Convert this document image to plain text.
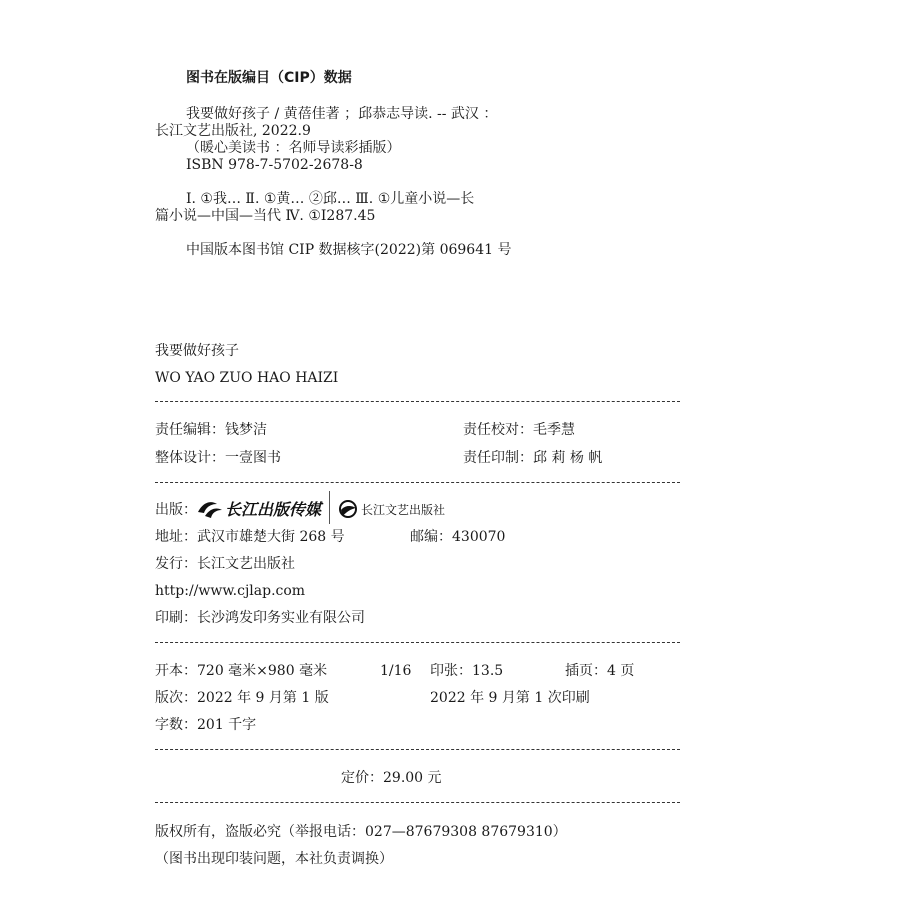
图书在版编目（CIP）数据
我要做好孩子 / 黄蓓佳著 ；邱恭志导读. -- 武汉 ：
长江文艺出版社, 2022.9
（暖心美读书 ：名师导读彩插版）
ISBN 978-7-5702-2678-8
Ⅰ. ①我… Ⅱ. ①黄… ②邱… Ⅲ. ①儿童小说—长
篇小说—中国—当代 Ⅳ. ①I287.45
中国版本图书馆 CIP 数据核字(2022)第 069641 号
我要做好孩子
WO YAO ZUO HAO HAIZI
责任编辑：钱梦洁	责任校对：毛季慧
整体设计：一壹图书	责任印制：邱 莉 杨 帆
出版： 长江出版传媒	长江文艺出版社
地址：武汉市雄楚大街 268 号	邮编：430070
发行：长江文艺出版社
http://www.cjlap.com
印刷：长沙鸿发印务实业有限公司
开本：720 毫米×980 毫米	1/16 印张：13.5	插页：4 页
版次：2022 年 9 月第 1 版	2022 年 9 月第 1 次印刷
字数：201 千字
定价：29.00 元
版权所有，盗版必究（举报电话：027—87679308 87679310）
（图书出现印装问题，本社负责调换）
